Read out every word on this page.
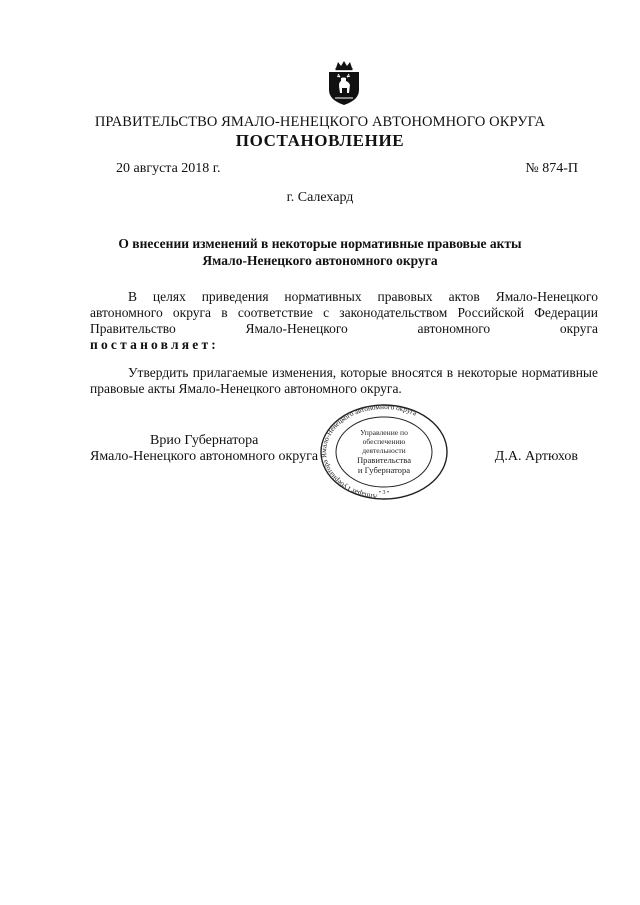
ПРАВИТЕЛЬСТВО ЯМАЛО-НЕНЕЦКОГО АВТОНОМНОГО ОКРУГА
ПОСТАНОВЛЕНИЕ
20 августа 2018 г.	№ 874-П
г. Салехард
О внесении изменений в некоторые нормативные правовые акты
Ямало-Ненецкого автономного округа

В целях приведения нормативных правовых актов Ямало-Ненецкого автономного округа в соответствие с законодательством Российской Федерации Правительство Ямало-Ненецкого автономного округа

постановляет:

Утвердить прилагаемые изменения, которые вносятся в некоторые нормативные правовые акты Ямало-Ненецкого автономного округа.

Врио Губернатора
Ямало-Ненецкого автономного округа	Д.А. Артюхов
Аппарат Губернатора Ямало-Ненецкого автономного округа
Управление по
обеспечению
деятельности
Правительства
и Губернатора
• 3 •
